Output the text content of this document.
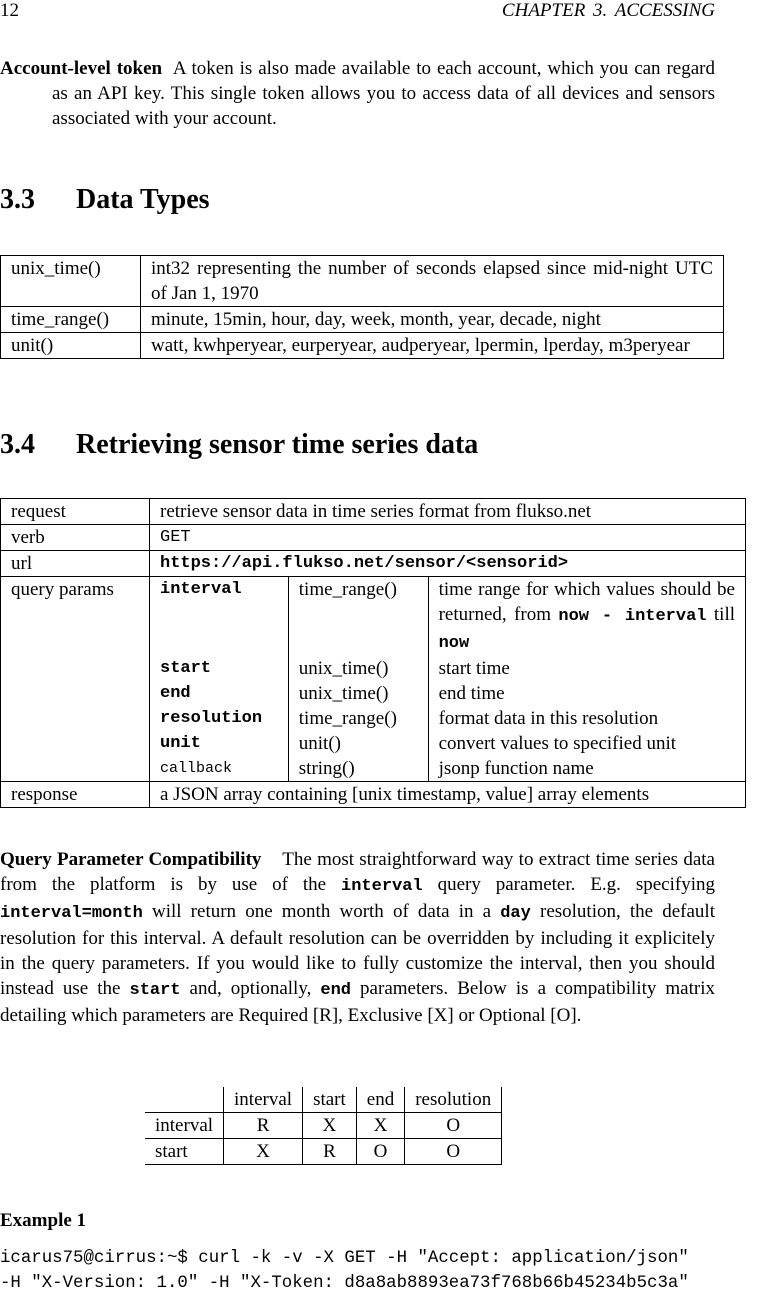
12	CHAPTER 3. ACCESSING
Account-level token A token is also made available to each account, which you can regard as an API key. This single token allows you to access data of all devices and sensors associated with your account.
3.3 Data Types
unix_time()	int32 representing the number of seconds elapsed since mid-night UTC of Jan 1, 1970
time_range()	minute, 15min, hour, day, week, month, year, decade, night
unit()	watt, kwhperyear, eurperyear, audperyear, lpermin, lperday, m3peryear
3.4 Retrieving sensor time series data
request	retrieve sensor data in time series format from flukso.net
verb	GET
url	https://api.flukso.net/sensor/<sensorid>
query params		interval	time_range()	time range for which values should be returned, from now - interval till now
start	unix_time()	start time
end	unix_time()	end time
resolution	time_range()	format data in this resolution
unit	unit()	convert values to specified unit
callback	string()	jsonp function name

response	a JSON array containing [unix timestamp, value] array elements
Query Parameter Compatibility The most straightforward way to extract time series data from the platform is by use of the interval query parameter. E.g. specifying interval=month will return one month worth of data in a day resolution, the default resolution for this interval. A default resolution can be overridden by including it explicitely in the query parameters. If you would like to fully customize the interval, then you should instead use the start and, optionally, end parameters. Below is a compatibility matrix detailing which parameters are Required [R], Exclusive [X] or Optional [O].
	interval	start	end	resolution
interval	R	X	X	O
start	X	R	O	O
Example 1
icarus75@cirrus:~$ curl -k -v -X GET -H "Accept: application/json"
-H "X-Version: 1.0" -H "X-Token: d8a8ab8893ea73f768b66b45234b5c3a"
